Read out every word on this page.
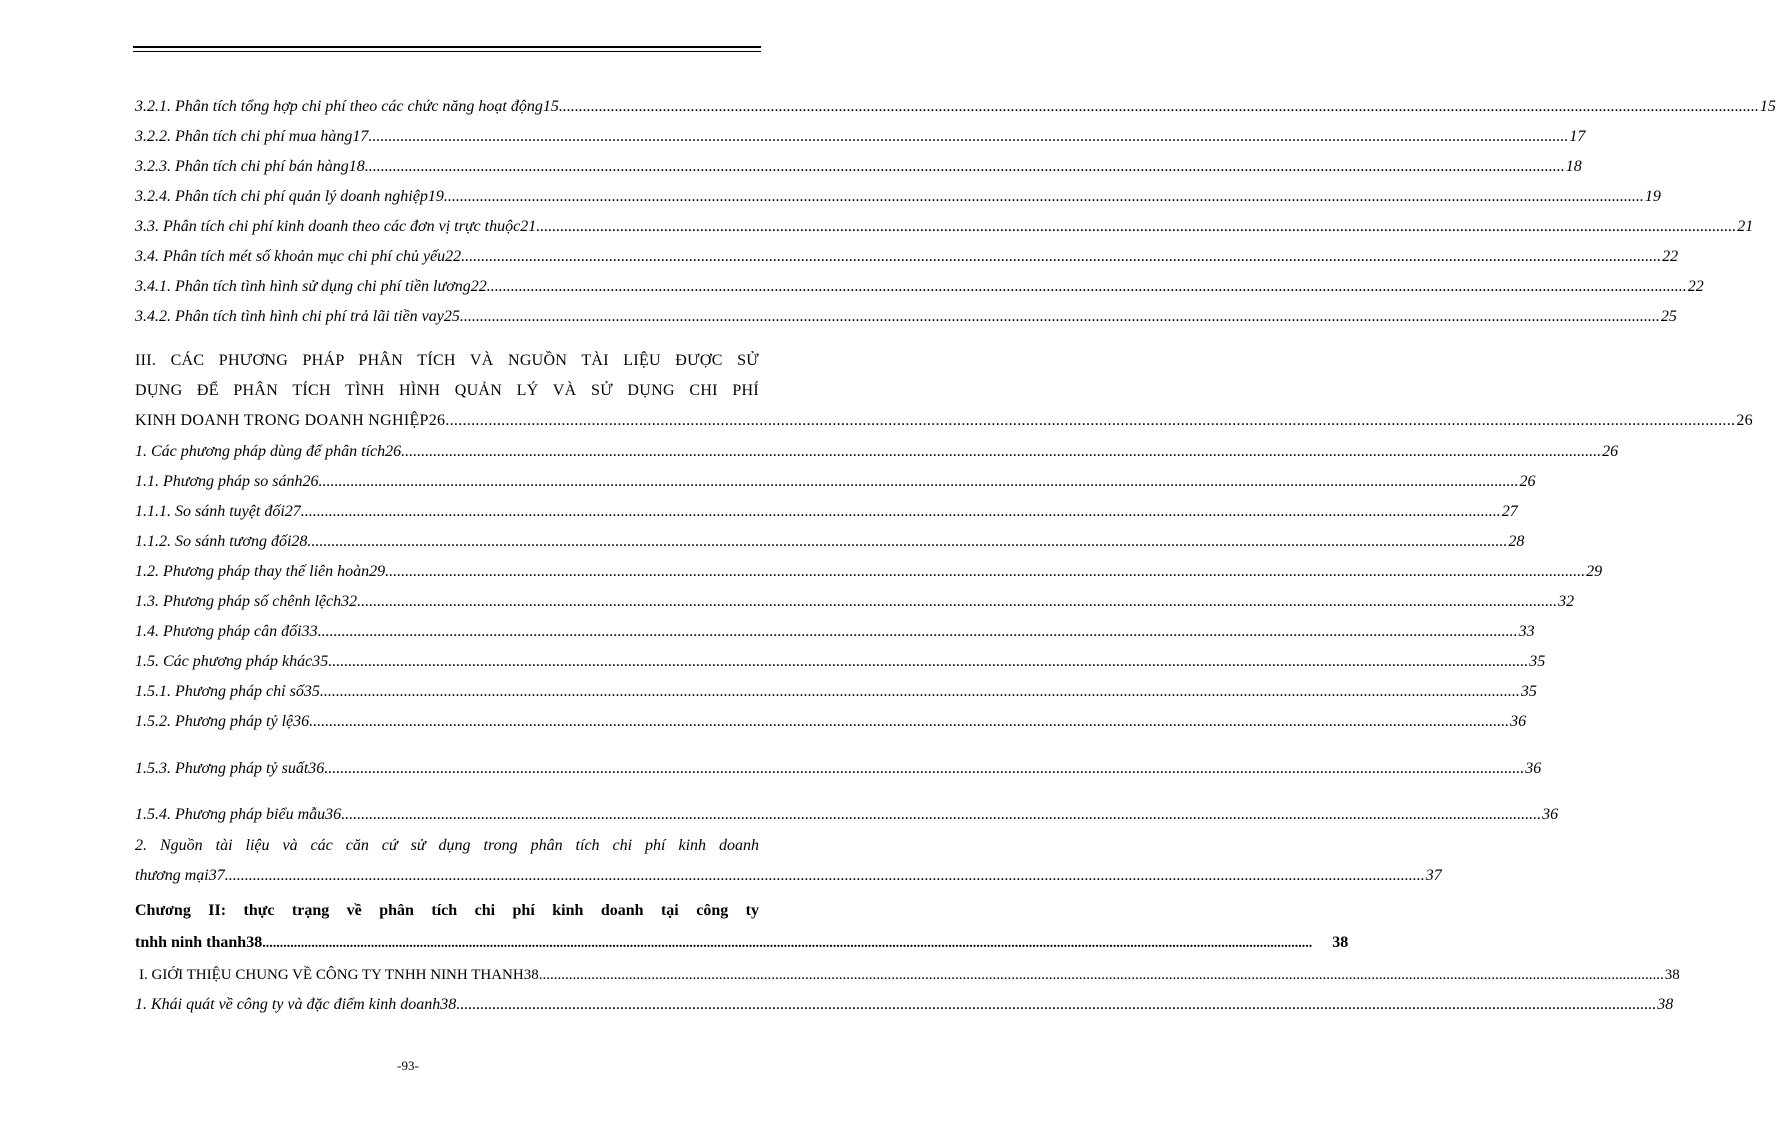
3.2.1. Phân tích tổng hợp chi phí theo các chức năng hoạt động15 ............................................................................................................................................................................................................................................................................................................ 15
3.2.2. Phân tích chi phí mua hàng17 ............................................................................................................................................................................................................................................................................................................ 17
3.2.3. Phân tích chi phí bán hàng18 ............................................................................................................................................................................................................................................................................................................ 18
3.2.4. Phân tích chi phí quản lý doanh nghiệp19 ............................................................................................................................................................................................................................................................................................................ 19
3.3. Phân tích chi phí kinh doanh theo các đơn vị trực thuộc21 ............................................................................................................................................................................................................................................................................................................ 21
3.4. Phân tích mét số khoản mục chi phí chủ yếu22 ............................................................................................................................................................................................................................................................................................................ 22
3.4.1. Phân tích tình hình sử dụng chi phí tiền lương22 ............................................................................................................................................................................................................................................................................................................ 22
3.4.2. Phân tích tình hình chi phí trả lãi tiền vay25 ............................................................................................................................................................................................................................................................................................................ 25
III. CÁC PHƯƠNG PHÁP PHÂN TÍCH VÀ NGUỒN TÀI LIỆU ĐƯỢC SỬ
DỤNG ĐỂ PHÂN TÍCH TÌNH HÌNH QUẢN LÝ VÀ SỬ DỤNG CHI PHÍ
KINH DOANH TRONG DOANH NGHIỆP26 ............................................................................................................................................................................................................................................................................................................ 26
1. Các phương pháp dùng để phân tích26 ............................................................................................................................................................................................................................................................................................................ 26
1.1. Phương pháp so sánh26 ............................................................................................................................................................................................................................................................................................................ 26
1.1.1. So sánh tuyệt đối27 ............................................................................................................................................................................................................................................................................................................ 27
1.1.2. So sánh tương đối28 ............................................................................................................................................................................................................................................................................................................ 28
1.2. Phương pháp thay thế liên hoàn29 ............................................................................................................................................................................................................................................................................................................ 29
1.3. Phương pháp số chênh lệch32 ............................................................................................................................................................................................................................................................................................................ 32
1.4. Phương pháp cân đối33 ............................................................................................................................................................................................................................................................................................................ 33
1.5. Các phương pháp khác35 ............................................................................................................................................................................................................................................................................................................ 35
1.5.1. Phương pháp chỉ số35 ............................................................................................................................................................................................................................................................................................................ 35
1.5.2. Phương pháp tỷ lệ36 ............................................................................................................................................................................................................................................................................................................ 36
1.5.3. Phương pháp tỷ suất36 ............................................................................................................................................................................................................................................................................................................ 36
1.5.4. Phương pháp biểu mẫu36 ............................................................................................................................................................................................................................................................................................................ 36
2. Nguồn tài liệu và các căn cứ sử dụng trong phân tích chi phí kinh doanh
thương mại37 ............................................................................................................................................................................................................................................................................................................ 37
Chương II: thực trạng về phân tích chi phí kinh doanh tại công ty
tnhh ninh thanh38 ............................................................................................................................................................................................................................................................................................................	38
I. GIỚI THIỆU CHUNG VỀ CÔNG TY TNHH NINH THANH38 ............................................................................................................................................................................................................................................................................................................ 38
1. Khái quát về công ty và đặc điểm kinh doanh38 ............................................................................................................................................................................................................................................................................................................ 38
-93-
